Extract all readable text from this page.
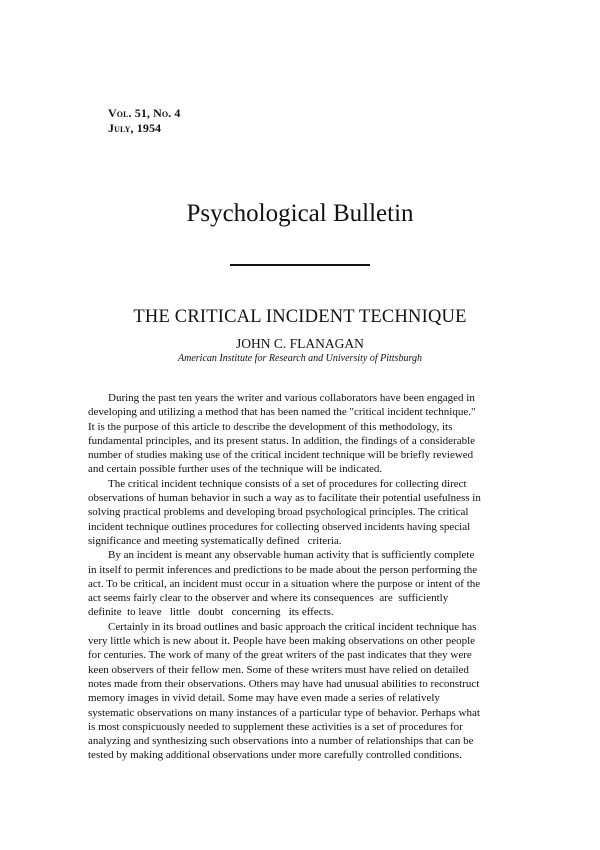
Vol. 51, No. 4
July, 1954
Psychological Bulletin
THE CRITICAL INCIDENT TECHNIQUE
JOHN C. FLANAGAN
American Institute for Research and University of Pittsburgh
During the past ten years the writer and various collaborators have been engaged in
developing and utilizing a method that has been named the "critical incident technique."
It is the purpose of this article to describe the development of this methodology, its
fundamental principles, and its present status. In addition, the findings of a considerable
number of studies making use of the critical incident technique will be briefly reviewed
and certain possible further uses of the technique will be indicated.
The critical incident technique consists of a set of procedures for collecting direct
observations of human behavior in such a way as to facilitate their potential usefulness in
solving practical problems and developing broad psychological principles. The critical
incident technique outlines procedures for collecting observed incidents having special
significance and meeting systematically defined   criteria.
By an incident is meant any observable human activity that is sufficiently complete
in itself to permit inferences and predictions to be made about the person performing the
act. To be critical, an incident must occur in a situation where the purpose or intent of the
act seems fairly clear to the observer and where its consequences  are  sufficiently
definite  to leave   little   doubt   concerning   its effects.
Certainly in its broad outlines and basic approach the critical incident technique has
very little which is new about it. People have been making observations on other people
for centuries. The work of many of the great writers of the past indicates that they were
keen observers of their fellow men. Some of these writers must have relied on detailed
notes made from their observations. Others may have had unusual abilities to reconstruct
memory images in vivid detail. Some may have even made a series of relatively
systematic observations on many instances of a particular type of behavior. Perhaps what
is most conspicuously needed to supplement these activities is a set of procedures for
analyzing and synthesizing such observations into a number of relationships that can be
tested by making additional observations under more carefully controlled conditions.
